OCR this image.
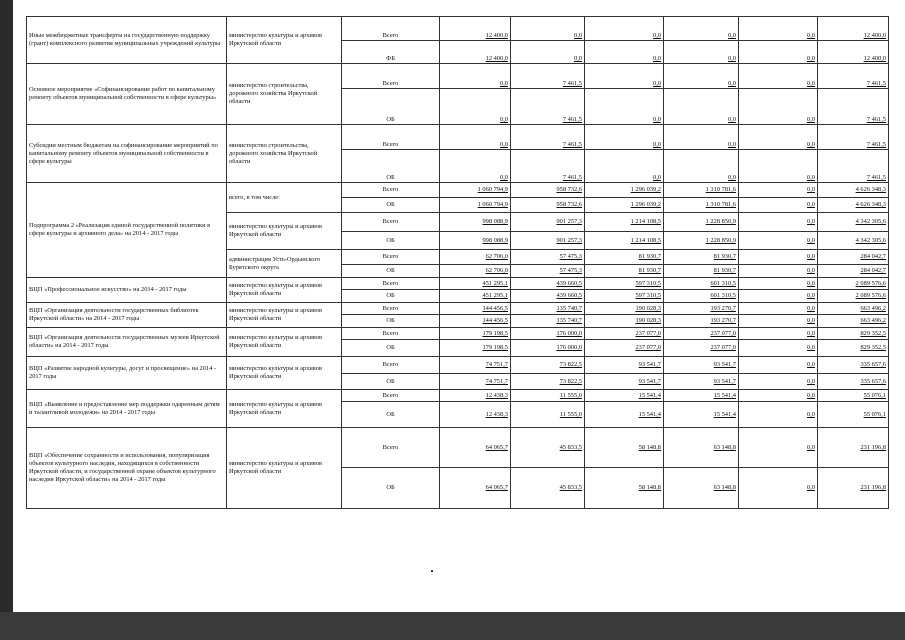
Иные межбюджетные трансферты на государственную поддержку (грант) комплексного развития муниципальных учреждений культуры	министерство культуры и архивов Иркутской области	Всего	12 400,0	0,0	0,0	0,0	0,0	12 400,0
		ФБ	12 400,0	0,0	0,0	0,0	0,0	12 400,0
Основное мероприятие «Софинансирование работ по капитальному ремонту объектов муниципальной собственности в сфере культуры»	министерство строительства, дорожного хозяйства Иркутской области	Всего	0,0	7 461,5	0,0	0,0	0,0	7 461,5
		ОБ	0,0	7 461,5	0,0	0,0	0,0	7 461,5
Субсидии местным бюджетам на софинансирование мероприятий по капитальному ремонту объектов муниципальной собственности в сфере культуры	министерство строительства, дорожного хозяйства Иркутской области	Всего	0,0	7 461,5	0,0	0,0	0,0	7 461,5
		ОБ	0,0	7 461,5	0,0	0,0	0,0	7 461,5
Подпрограмма 2 «Реализация единой государственной политики в сфере культуры и архивного дела» на 2014 - 2017 годы	всего, в том числе:	Всего	1 060 794,9	958 732,6	1 296 039,2	1 310 781,6	0,0	4 626 348,3
		ОБ	1 060 794,9	958 732,6	1 296 039,2	1 310 781,6	0,0	4 626 348,3
	министерство культуры и архивов Иркутской области	Всего	998 088,9	901 257,3	1 214 108,5	1 228 850,9	0,0	4 342 305,6
		ОБ	998 088,9	901 257,3	1 214 108,5	1 228 850,9	0,0	4 342 305,6
	администрация Усть-Ордынского Бурятского округа	Всего	62 706,0	57 475,3	81 930,7	81 930,7	0,0	284 042,7
		ОБ	62 706,0	57 475,3	81 930,7	81 930,7	0,0	284 042,7
ВЦП «Профессиональное искусство» на 2014 - 2017 годы	министерство культуры и архивов Иркутской области	Всего	451 295,1	439 660,5	597 310,5	601 310,5	0,0	2 089 576,6
		ОБ	451 295,1	439 660,5	597 310,5	601 310,5	0,0	2 089 576,6
ВЦП «Организация деятельности государственных библиотек Иркутской области» на 2014 - 2017 годы	министерство культуры и архивов Иркутской области	Всего	144 456,5	135 740,7	190 028,3	193 270,7	0,0	663 496,2
		ОБ	144 456,5	135 740,7	190 028,3	193 270,7	0,0	663 496,2
ВЦП «Организация деятельности государственных музеев Иркутской области» на 2014 - 2017 годы	министерство культуры и архивов Иркутской области	Всего	179 198,5	176 000,0	237 077,0	237 077,0	0,0	829 352,5
		ОБ	179 198,5	176 000,0	237 077,0	237 077,0	0,0	829 352,5
ВЦП «Развитие народной культуры, досуг и просвещение» на 2014 - 2017 годы	министерство культуры и архивов Иркутской области	Всего	74 751,7	73 822,5	93 541,7	93 541,7	0,0	335 657,6
		ОБ	74 751,7	73 822,5	93 541,7	93 541,7	0,0	335 657,6
ВЦП «Выявление и предоставление мер поддержки одаренным детям и талантливой молодежи» на 2014 - 2017 годы	министерство культуры и архивов Иркутской области	Всего	12 438,3	11 555,0	15 541,4	15 541,4	0,0	55 076,1
		ОБ	12 438,3	11 555,0	15 541,4	15 541,4	0,0	55 076,1
ВЦП «Обеспечение сохранности и использования, популяризация объектов культурного наследия, находящихся в собственности Иркутской области, и государственной охране объектов культурного наследия Иркутской области» на 2014 - 2017 годы	министерство культуры и архивов Иркутской области	Всего	64 065,7	45 833,5	58 148,8	63 148,8	0,0	231 196,8
		ОБ	64 065,7	45 833,5	58 148,8	63 148,8	0,0	231 196,8
